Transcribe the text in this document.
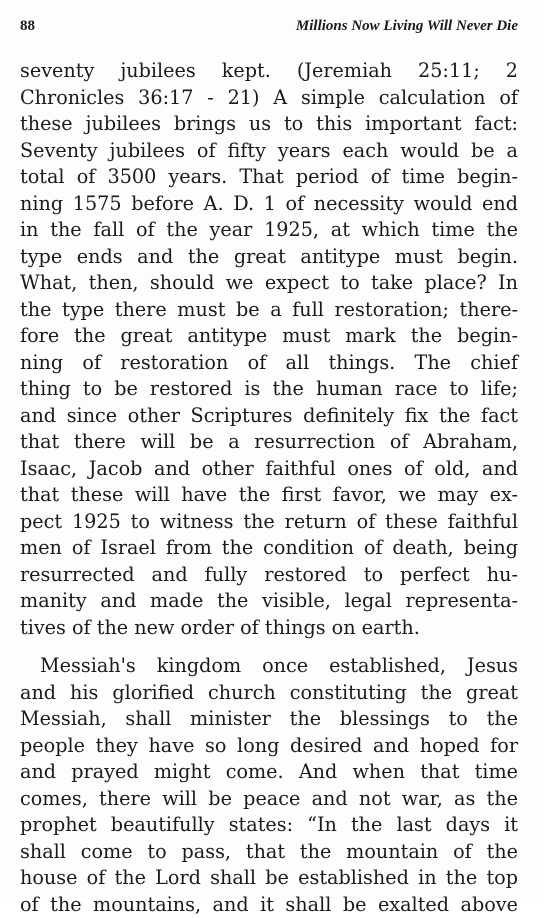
88	Millions Now Living Will Never Die
seventy jubilees kept. (Jeremiah 25:11; 2
Chronicles 36:17 - 21) A simple calculation of
these jubilees brings us to this important fact:
Seventy jubilees of fifty years each would be a
total of 3500 years. That period of time begin-
ning 1575 before A. D. 1 of necessity would end
in the fall of the year 1925, at which time the
type ends and the great antitype must begin.
What, then, should we expect to take place? In
the type there must be a full restoration; there-
fore the great antitype must mark the begin-
ning of restoration of all things. The chief
thing to be restored is the human race to life;
and since other Scriptures definitely fix the fact
that there will be a resurrection of Abraham,
Isaac, Jacob and other faithful ones of old, and
that these will have the first favor, we may ex-
pect 1925 to witness the return of these faithful
men of Israel from the condition of death, being
resurrected and fully restored to perfect hu-
manity and made the visible, legal representa-
tives of the new order of things on earth.
Messiah's kingdom once established, Jesus
and his glorified church constituting the great
Messiah, shall minister the blessings to the
people they have so long desired and hoped for
and prayed might come. And when that time
comes, there will be peace and not war, as the
prophet beautifully states: “In the last days it
shall come to pass, that the mountain of the
house of the Lord shall be established in the top
of the mountains, and it shall be exalted above
